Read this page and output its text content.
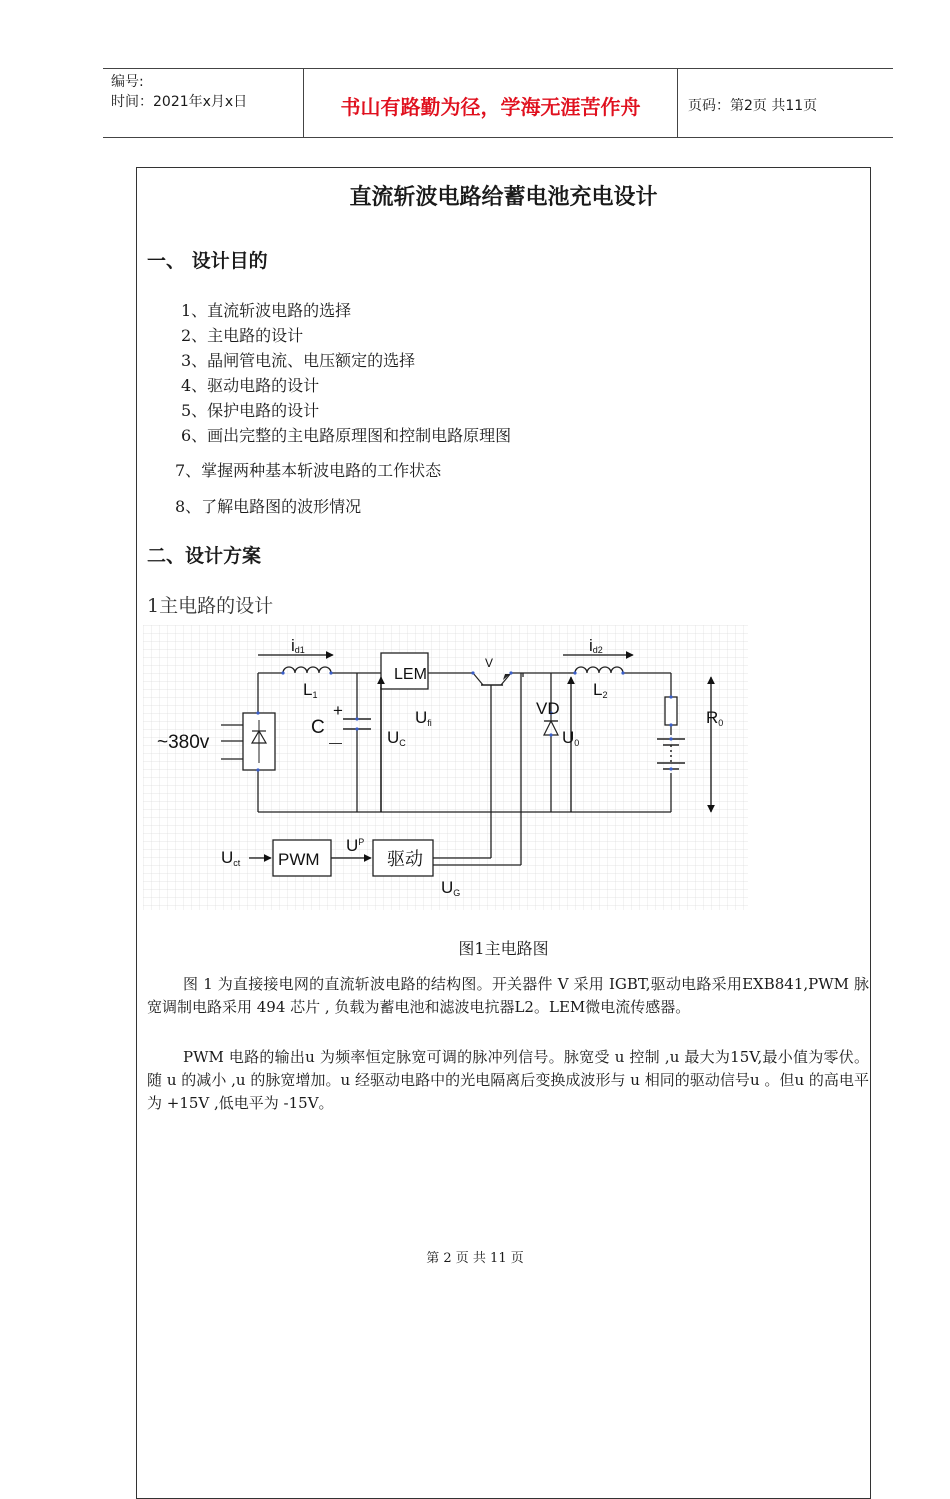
编号:
时间：2021年x月x日	书山有路勤为径，学海无涯苦作舟	页码：第2页 共11页
直流斩波电路给蓄电池充电设计
一、 设计目的
1、直流斩波电路的选择
2、主电路的设计
3、晶闸管电流、电压额定的选择
4、驱动电路的设计
5、保护电路的设计
6、画出完整的主电路原理图和控制电路原理图
7、掌握两种基本斩波电路的工作状态
8、了解电路图的波形情况
二、设计方案
1主电路的设计
图1主电路图
图 1 为直接接电网的直流斩波电路的结构图。开关器件 V 采用 IGBT,驱动电路采用EXB841,PWM 脉宽调制电路采用 494 芯片 , 负载为蓄电池和滤波电抗器L2。LEM微电流传感器。
PWM 电路的输出u 为频率恒定脉宽可调的脉冲列信号。脉宽受 u 控制 ,u 最大为15V,最小值为零伏。随 u 的减小 ,u 的脉宽增加。u 经驱动电路中的光电隔离后变换成波形与 u 相同的驱动信号u 。但u 的高电平为 +15V ,低电平为 -15V。
~380v
id1
L1
C
+
—
LEM
Ufi
UC
V
VD
U0
id2
L2
R0
Uct PWM
$U^P$
驱动
UG
第 2 页 共 11 页
